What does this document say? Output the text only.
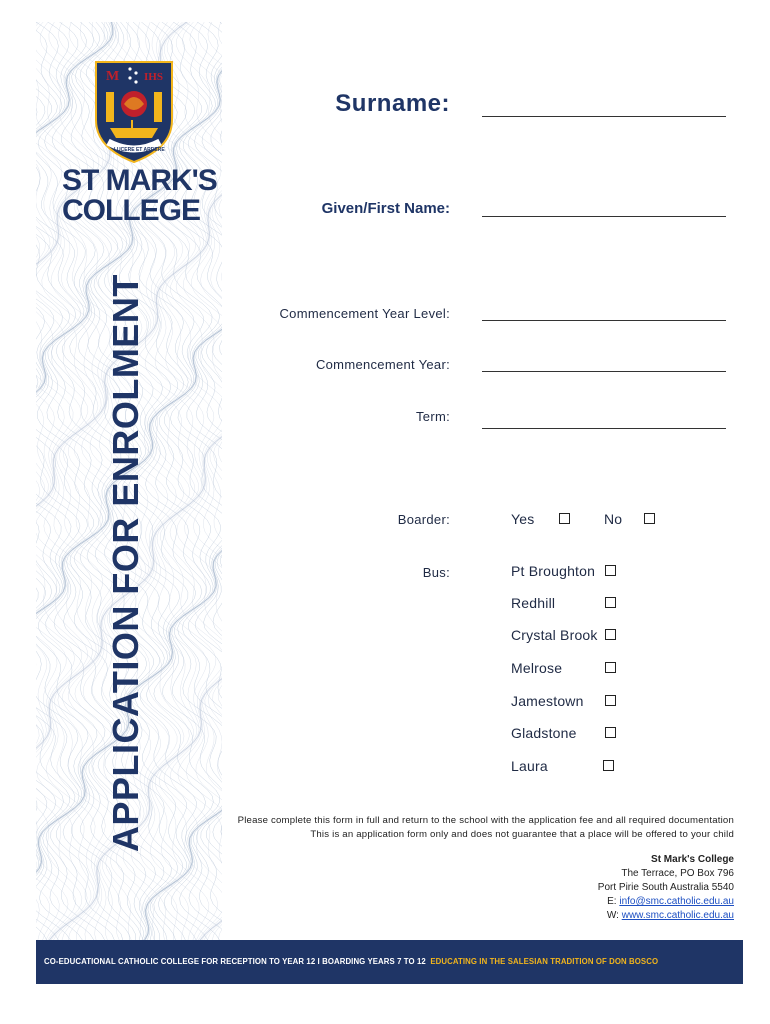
M IHS
LUCERE ET ARDERE
ST MARK'S
COLLEGE
APPLICATION FOR ENROLMENT
Surname:
Given/First Name:
Commencement Year Level:
Commencement Year:
Term:
Boarder:	Yes	No
Bus:	Pt Broughton
Redhill
Crystal Brook
Melrose
Jamestown
Gladstone
Laura
Please complete this form in full and return to the school with the application fee and all required documentation
This is an application form only and does not guarantee that a place will be offered to your child
St Mark's College
The Terrace, PO Box 796
Port Pirie South Australia 5540
E: info@smc.catholic.edu.au
W: www.smc.catholic.edu.au
CO-EDUCATIONAL CATHOLIC COLLEGE FOR RECEPTION TO YEAR 12 I BOARDING YEARS 7 TO 12 EDUCATING IN THE SALESIAN TRADITION OF DON BOSCO
